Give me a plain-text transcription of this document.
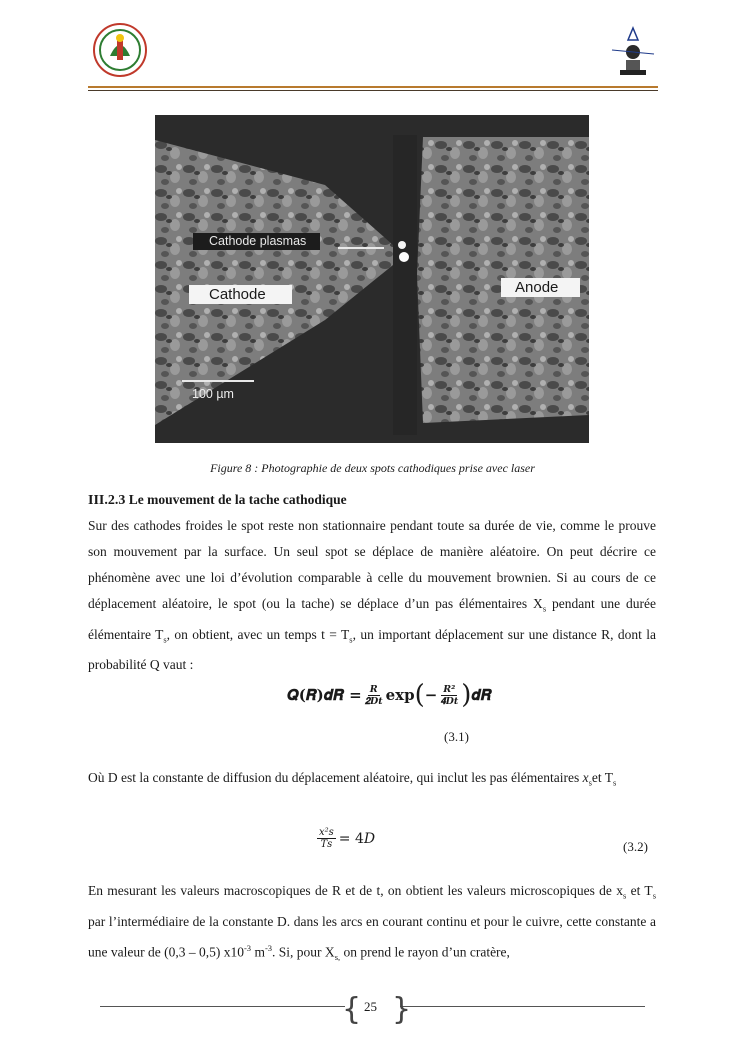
Cathode plasmas
Cathode	Anode
100 µm
Figure 8 : Photographie de deux spots cathodiques prise avec laser
III.2.3 Le mouvement de la tache cathodique
Sur des cathodes froides le spot reste non stationnaire pendant toute sa durée de vie, comme le prouve son mouvement par la surface. Un seul spot se déplace de manière aléatoire. On peut décrire ce phénomène avec une loi d’évolution comparable à celle du mouvement brownien. Si au cours de ce déplacement aléatoire, le spot (ou la tache) se déplace d’un pas élémentaires $X_s$ pendant une durée élémentaire $T_s$, on obtient, avec un temps $t = T_s$, un important déplacement sur une distance R, dont la probabilité Q vaut :
𝑸(𝑹)𝒅𝑹 = $\frac{\text{𝑹}}{\text{𝟐𝑫𝒕}}$ exp ( − $\frac{\text{𝑹²}}{\text{𝟒𝑫𝒕}}$ ) 𝒅𝑹
(3.1)
Où D est la constante de diffusion du déplacement aléatoire, qui inclut les pas élémentaires $x_set$ $T_s$
$\frac{\text{𝑥²𝑠}}{\text{𝑇𝑠}}$ = 4𝐷	(3.2)
En mesurant les valeurs macroscopiques de R et de t, on obtient les valeurs microscopiques de $x_s$ et $T_s$ par l’intermédiaire de la constante D. dans les arcs en courant continu et pour le cuivre, cette constante a une valeur de (0,3 – 0,5) $x10^{-3}$ $m^{-3}$. Si, pour $X_{s,}$ on prend le rayon d’un cratère,
{ 25 }
